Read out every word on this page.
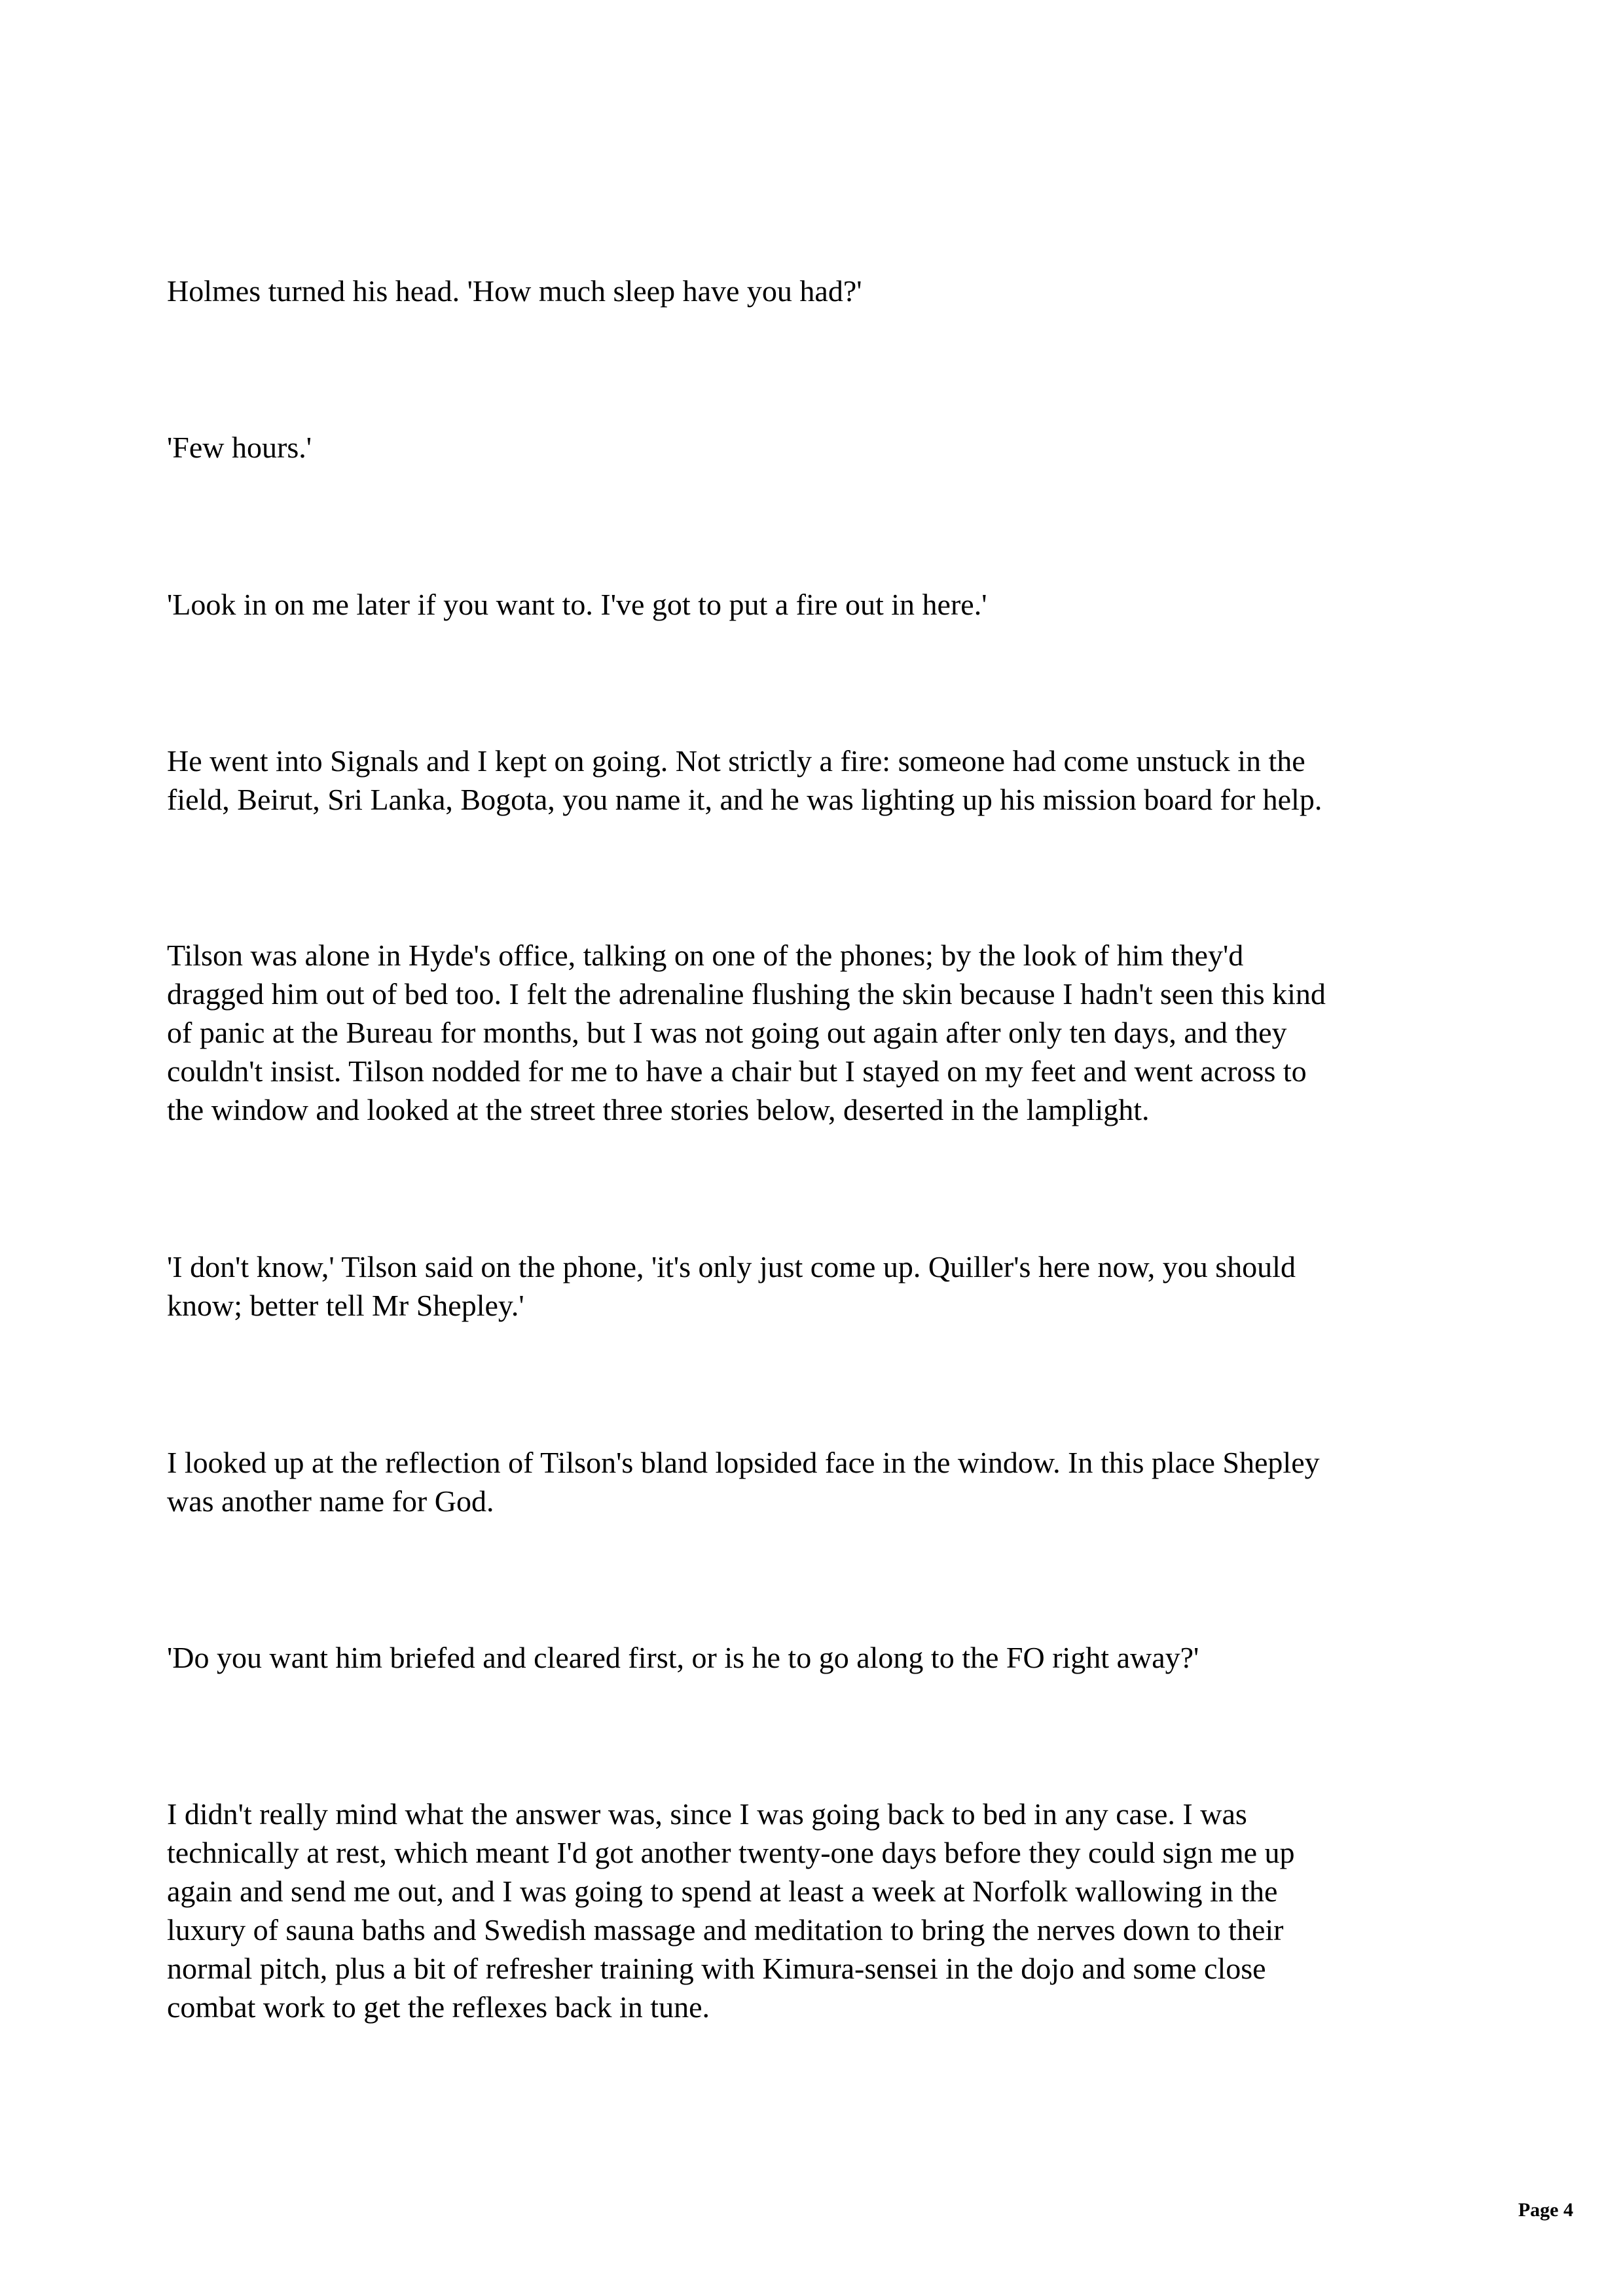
Holmes turned his head. 'How much sleep have you had?'

'Few hours.'

'Look in on me later if you want to. I've got to put a fire out in here.'

He went into Signals and I kept on going. Not strictly a fire: someone had come unstuck in the
field, Beirut, Sri Lanka, Bogota, you name it, and he was lighting up his mission board for help.

Tilson was alone in Hyde's office, talking on one of the phones; by the look of him they'd
dragged him out of bed too. I felt the adrenaline flushing the skin because I hadn't seen this kind
of panic at the Bureau for months, but I was not going out again after only ten days, and they
couldn't insist. Tilson nodded for me to have a chair but I stayed on my feet and went across to
the window and looked at the street three stories below, deserted in the lamplight.

'I don't know,' Tilson said on the phone, 'it's only just come up. Quiller's here now, you should
know; better tell Mr Shepley.'

I looked up at the reflection of Tilson's bland lopsided face in the window. In this place Shepley
was another name for God.

'Do you want him briefed and cleared first, or is he to go along to the FO right away?'

I didn't really mind what the answer was, since I was going back to bed in any case. I was
technically at rest, which meant I'd got another twenty-one days before they could sign me up
again and send me out, and I was going to spend at least a week at Norfolk wallowing in the
luxury of sauna baths and Swedish massage and meditation to bring the nerves down to their
normal pitch, plus a bit of refresher training with Kimura-sensei in the dojo and some close
combat work to get the reflexes back in tune.

Page 4
